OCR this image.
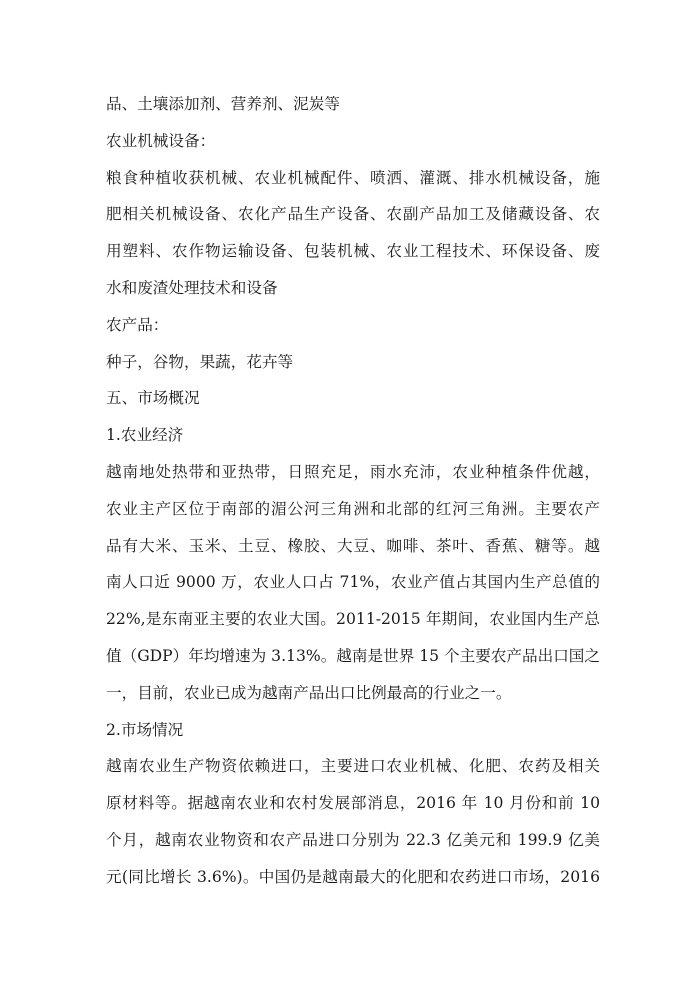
品、土壤添加剂、营养剂、泥炭等
农业机械设备：
粮食种植收获机械、农业机械配件、喷洒、灌溉、排水机械设备，施
肥相关机械设备、农化产品生产设备、农副产品加工及储藏设备、农
用塑料、农作物运输设备、包装机械、农业工程技术、环保设备、废
水和废渣处理技术和设备
农产品：
种子，谷物，果蔬，花卉等
五、市场概况
1.农业经济
越南地处热带和亚热带，日照充足，雨水充沛，农业种植条件优越，
农业主产区位于南部的湄公河三角洲和北部的红河三角洲。主要农产
品有大米、玉米、土豆、橡胶、大豆、咖啡、茶叶、香蕉、糖等。越
南人口近 9000 万，农业人口占 71%，农业产值占其国内生产总值的
22%,是东南亚主要的农业大国。2011-2015 年期间，农业国内生产总
值（GDP）年均增速为 3.13%。越南是世界 15 个主要农产品出口国之
一，目前，农业已成为越南产品出口比例最高的行业之一。
2.市场情况
越南农业生产物资依赖进口，主要进口农业机械、化肥、农药及相关
原材料等。据越南农业和农村发展部消息，2016 年 10 月份和前 10
个月，越南农业物资和农产品进口分别为 22.3 亿美元和 199.9 亿美
元(同比增长 3.6%)。中国仍是越南最大的化肥和农药进口市场，2016
